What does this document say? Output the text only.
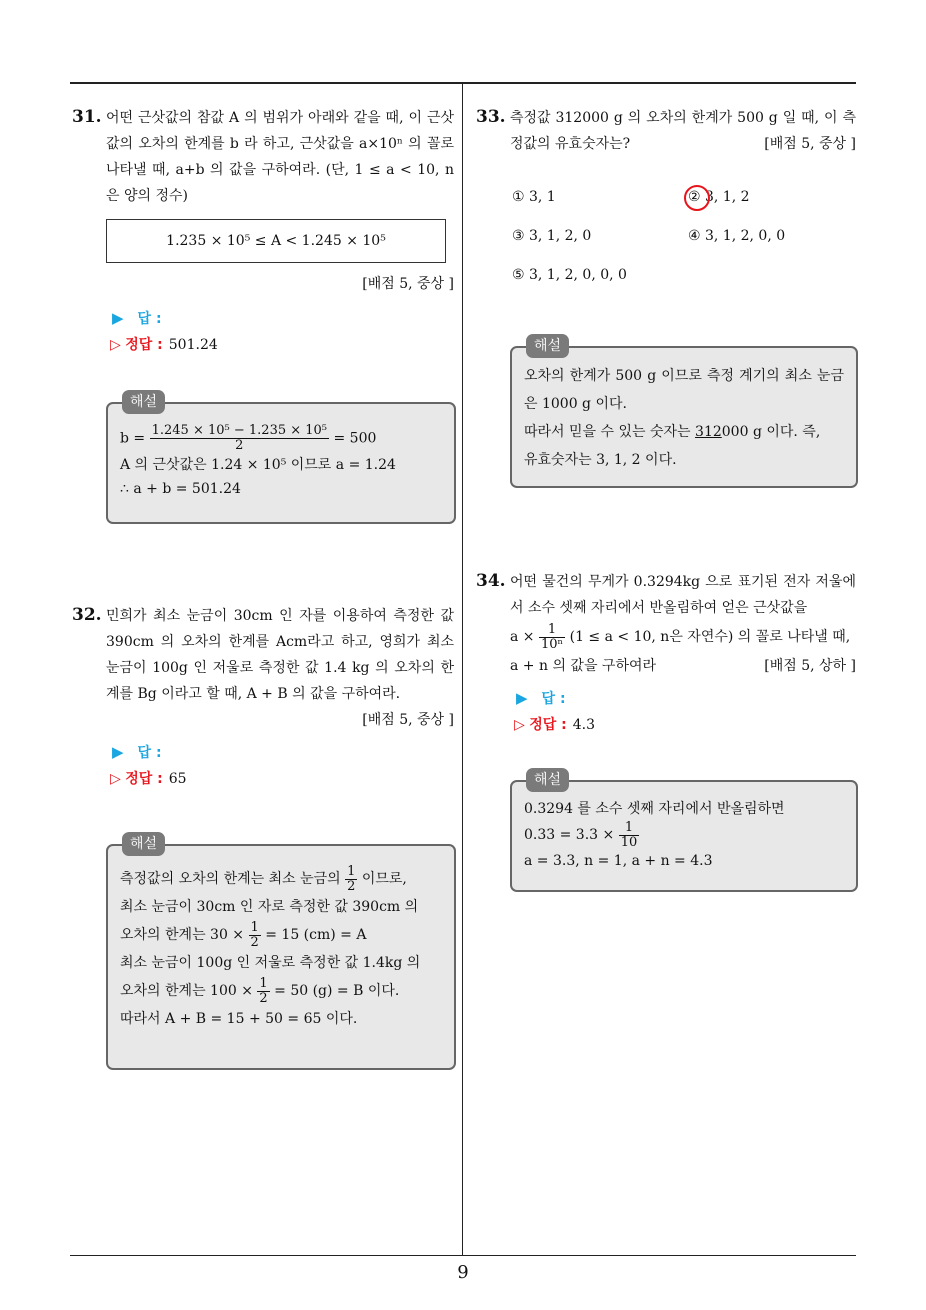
31. 어떤 근삿값의 참값 A 의 범위가 아래와 같을 때, 이 근삿값의 오차의 한계를 b 라 하고, 근삿값을 a×10ⁿ 의 꼴로 나타낼 때, a+b 의 값을 구하여라. (단, 1 ≤ a < 10, n 은 양의 정수)

1.235 × 10⁵ ≤ A < 1.245 × 10⁵
[배점 5, 중상 ]
▶ 답 :
▷ 정답 : 501.24
해설
$b = \frac{\text{1.245 × 10⁵ − 1.235 × 10⁵}}{2} = 500$
A 의 근삿값은 1.24 × 10⁵ 이므로 a = 1.24
∴ a + b = 501.24

32. 민희가 최소 눈금이 30cm 인 자를 이용하여 측정한 값 390cm 의 오차의 한계를 Acm라고 하고, 영희가 최소 눈금이 100g 인 저울로 측정한 값 1.4 kg 의 오차의 한계를 Bg 이라고 할 때, A + B 의 값을 구하여라.

[배점 5, 중상 ]
▶ 답 :
▷ 정답 : 65
해설
측정값의 오차의 한계는 최소 눈금의 $\frac{1}{2}$ 이므로,
최소 눈금이 30cm 인 자로 측정한 값 390cm 의
오차의 한계는 $30 \times \frac{1}{2} = 15$ (cm) = A
최소 눈금이 100g 인 저울로 측정한 값 1.4kg 의
오차의 한계는 $100 \times \frac{1}{2} = 50$ (g) = B 이다.
따라서 A + B = 15 + 50 = 65 이다.

33. 측정값 312000 g 의 오차의 한계가 500 g 일 때, 이 측정값의 유효숫자는?	[배점 5, 중상 ]
① 3, 1	② 3, 1, 2
③ 3, 1, 2, 0	④ 3, 1, 2, 0, 0
⑤ 3, 1, 2, 0, 0, 0
해설
오차의 한계가 500 g 이므로 측정 계기의 최소 눈금은 1000 g 이다.
따라서 믿을 수 있는 숫자는 312000 g 이다. 즉,
유효숫자는 3, 1, 2 이다.

34. 어떤 물건의 무게가 0.3294kg 으로 표기된 전자 저울에서 소수 셋째 자리에서 반올림하여 얻은 근삿값을

$a \times \frac{1}{\text{10ⁿ}} (1 \le a < 10$, n은 자연수) 의 꼴로 나타낼 때,
a + n 의 값을 구하여라	[배점 5, 상하 ]
▶ 답 :
▷ 정답 : 4.3
해설
0.3294 를 소수 셋째 자리에서 반올림하면
$0.33 = 3.3 \times \frac{1}{10}$
a = 3.3, n = 1, a + n = 4.3
9
